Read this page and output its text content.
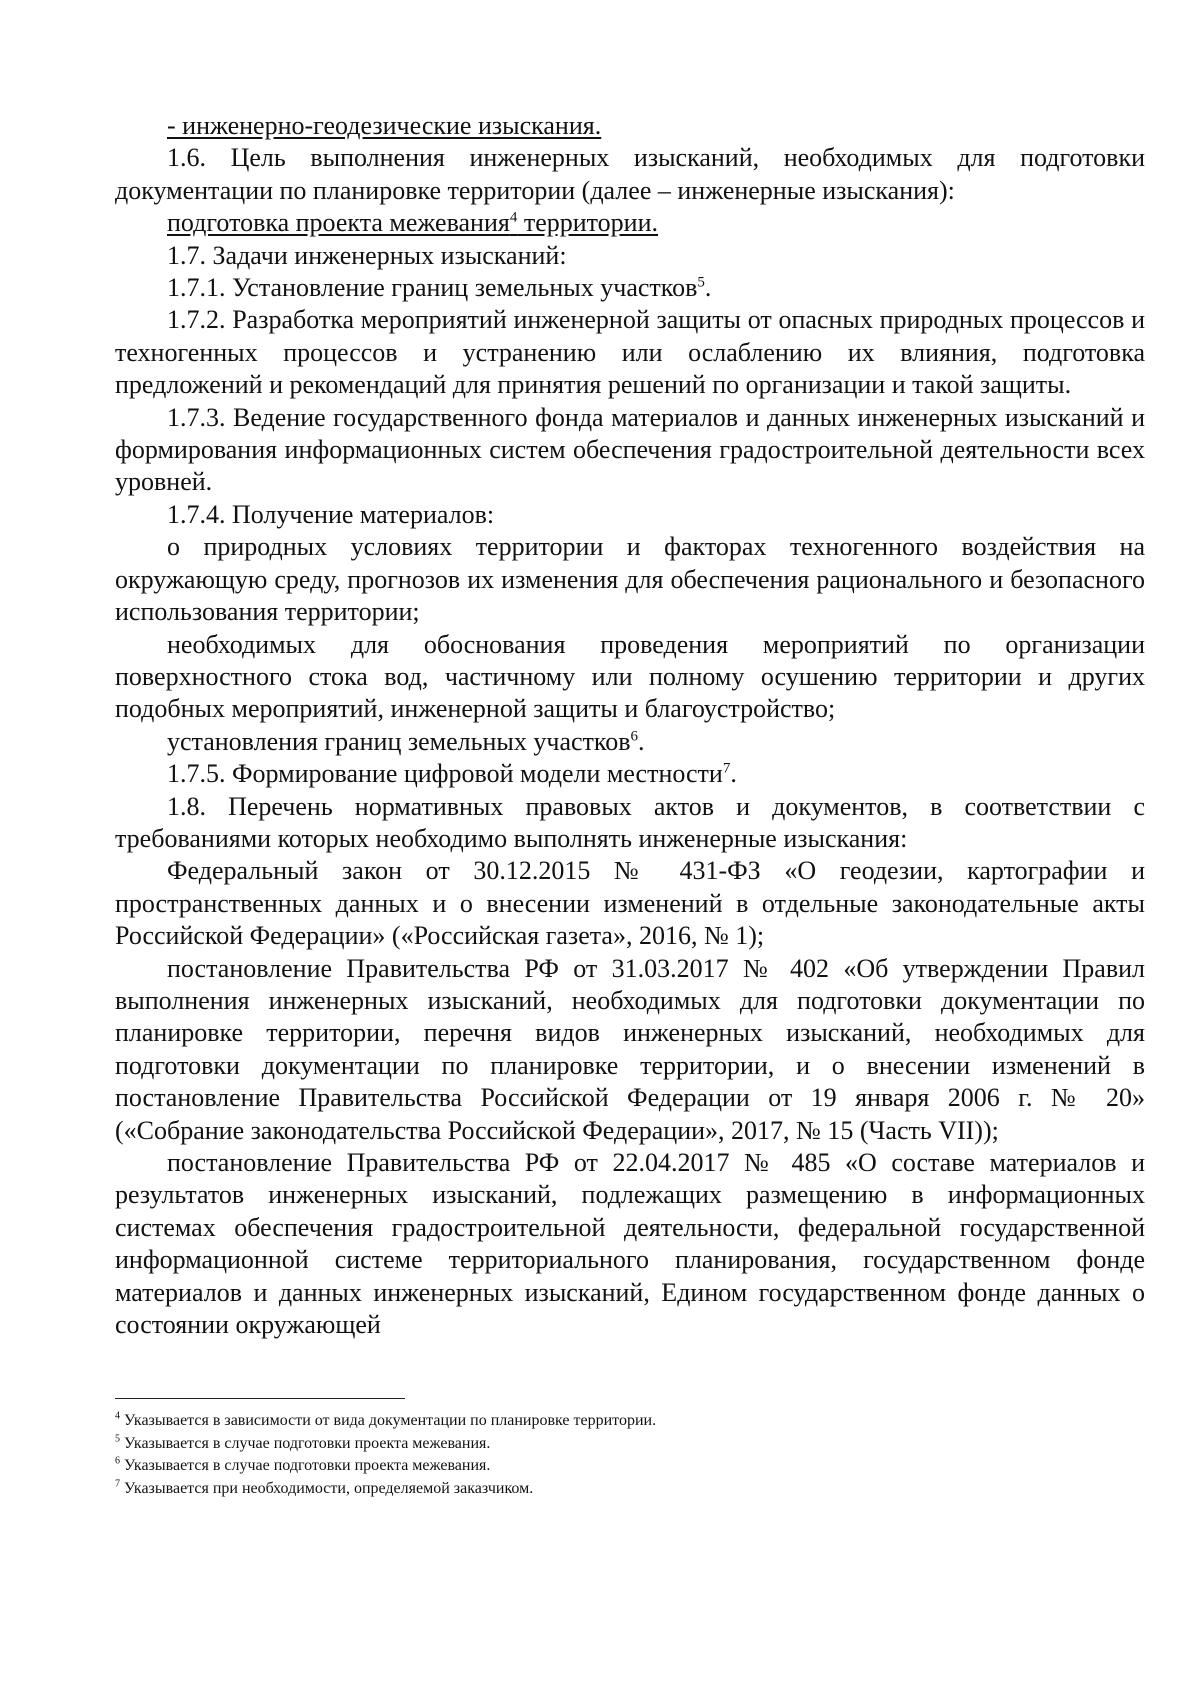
- инженерно-геодезические изыскания.

1.6. Цель выполнения инженерных изысканий, необходимых для подготовки документации по планировке территории (далее – инженерные изыскания):

подготовка проекта межевания$^4$ территории.

1.7. Задачи инженерных изысканий:

1.7.1. Установление границ земельных участков$^5$.

1.7.2. Разработка мероприятий инженерной защиты от опасных природных процессов и техногенных процессов и устранению или ослаблению их влияния, подготовка предложений и рекомендаций для принятия решений по организации и такой защиты.

1.7.3. Ведение государственного фонда материалов и данных инженерных изысканий и формирования информационных систем обеспечения градостроительной деятельности всех уровней.

1.7.4. Получение материалов:

о природных условиях территории и факторах техногенного воздействия на окружающую среду, прогнозов их изменения для обеспечения рационального и безопасного использования территории;

необходимых для обоснования проведения мероприятий по организации поверхностного стока вод, частичному или полному осушению территории и других подобных мероприятий, инженерной защиты и благоустройство;

установления границ земельных участков$^6$.

1.7.5. Формирование цифровой модели местности$^7$.

1.8. Перечень нормативных правовых актов и документов, в соответствии с требованиями которых необходимо выполнять инженерные изыскания:

Федеральный закон от 30.12.2015 № 431-ФЗ «О геодезии, картографии и пространственных данных и о внесении изменений в отдельные законодательные акты Российской Федерации» («Российская газета», 2016, № 1);

постановление Правительства РФ от 31.03.2017 № 402 «Об утверждении Правил выполнения инженерных изысканий, необходимых для подготовки документации по планировке территории, перечня видов инженерных изысканий, необходимых для подготовки документации по планировке территории, и о внесении изменений в постановление Правительства Российской Федерации от 19 января 2006 г. № 20» («Собрание законодательства Российской Федерации», 2017, № 15 (Часть VII));

постановление Правительства РФ от 22.04.2017 № 485 «О составе материалов и результатов инженерных изысканий, подлежащих размещению в информационных системах обеспечения градостроительной деятельности, федеральной государственной информационной системе территориального планирования, государственном фонде материалов и данных инженерных изысканий, Едином государственном фонде данных о состоянии окружающей

$^4$ Указывается в зависимости от вида документации по планировке территории.

$^5$ Указывается в случае подготовки проекта межевания.

$^6$ Указывается в случае подготовки проекта межевания.

$^7$ Указывается при необходимости, определяемой заказчиком.
